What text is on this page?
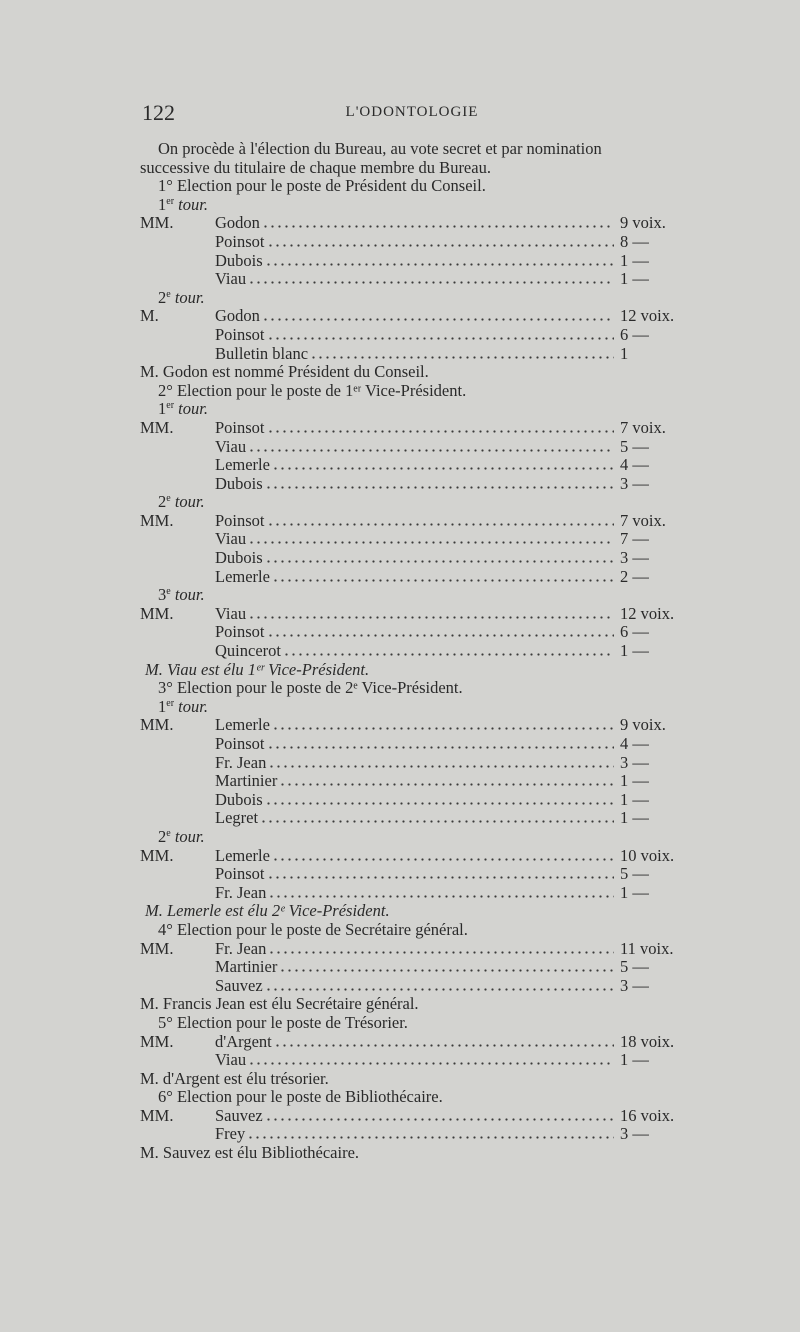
122	L'ODONTOLOGIE
On procède à l'élection du Bureau, au vote secret et par nomination
successive du titulaire de chaque membre du Bureau.
1° Election pour le poste de Président du Conseil.
1er tour.
MM.	Godon	9 voix.
Poinsot	8 —
Dubois	1 —
Viau	1 —
2e tour.
M.	Godon	12 voix.
Poinsot	6 —
Bulletin blanc	1
M. Godon est nommé Président du Conseil.
2° Election pour le poste de 1ᵉʳ Vice-Président.
1er tour.
MM.	Poinsot	7 voix.
Viau	5 —
Lemerle	4 —
Dubois	3 —
2e tour.
MM.	Poinsot	7 voix.
Viau	7 —
Dubois	3 —
Lemerle	2 —
3e tour.
MM.	Viau	12 voix.
Poinsot	6 —
Quincerot	1 —
M. Viau est élu 1ᵉʳ Vice-Président.
3° Election pour le poste de 2ᵉ Vice-Président.
1er tour.
MM.	Lemerle	9 voix.
Poinsot	4 —
Fr. Jean	3 —
Martinier	1 —
Dubois	1 —
Legret	1 —
2e tour.
MM.	Lemerle	10 voix.
Poinsot	5 —
Fr. Jean	1 —
M. Lemerle est élu 2ᵉ Vice-Président.
4° Election pour le poste de Secrétaire général.
MM.	Fr. Jean	11 voix.
Martinier	5 —
Sauvez	3 —
M. Francis Jean est élu Secrétaire général.
5° Election pour le poste de Trésorier.
MM.	d'Argent	18 voix.
Viau	1 —
M. d'Argent est élu trésorier.
6° Election pour le poste de Bibliothécaire.
MM.	Sauvez	16 voix.
Frey	3 —
M. Sauvez est élu Bibliothécaire.
